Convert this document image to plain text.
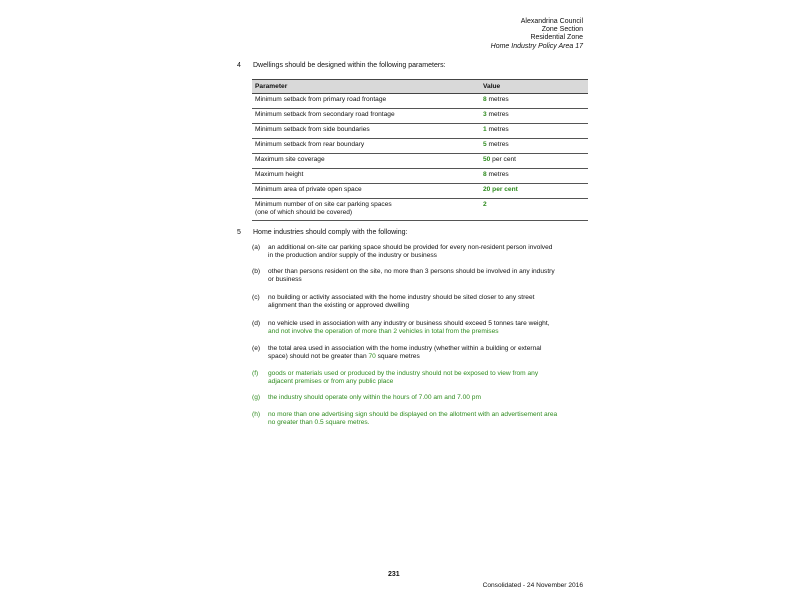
Alexandrina Council
Zone Section
Residential Zone
Home Industry Policy Area 17
4 Dwellings should be designed within the following parameters:
Parameter	Value
Minimum setback from primary road frontage	8 metres
Minimum setback from secondary road frontage	3 metres
Minimum setback from side boundaries	1 metres
Minimum setback from rear boundary	5 metres
Maximum site coverage	50 per cent
Maximum height	8 metres
Minimum area of private open space	20 per cent

Minimum number of on site car parking spaces
(one of which should be covered)	2
5 Home industries should comply with the following:
(a) an additional on-site car parking space should be provided for every non-resident person involved
in the production and/or supply of the industry or business
(b) other than persons resident on the site, no more than 3 persons should be involved in any industry
or business
(c) no building or activity associated with the home industry should be sited closer to any street
alignment than the existing or approved dwelling
(d) no vehicle used in association with any industry or business should exceed 5 tonnes tare weight,
and not involve the operation of more than 2 vehicles in total from the premises
(e) the total area used in association with the home industry (whether within a building or external
space) should not be greater than 70 square metres
(f) goods or materials used or produced by the industry should not be exposed to view from any
adjacent premises or from any public place
(g) the industry should operate only within the hours of 7.00 am and 7.00 pm
(h) no more than one advertising sign should be displayed on the allotment with an advertisement area
no greater than 0.5 square metres.
231
Consolidated - 24 November 2016
